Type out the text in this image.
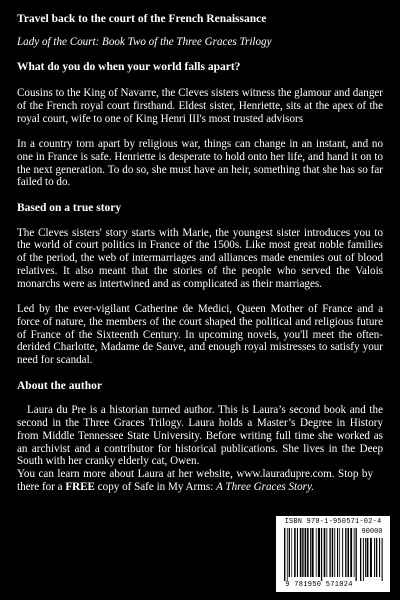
Travel back to the court of the French Renaissance

Lady of the Court: Book Two of the Three Graces Trilogy

What do you do when your world falls apart?

Cousins to the King of Navarre, the Cleves sisters witness the glamour and danger of the French royal court firsthand. Eldest sister, Henriette, sits at the apex of the royal court, wife to one of King Henri III's most trusted advisors

In a country torn apart by religious war, things can change in an instant, and no one in France is safe. Henriette is desperate to hold onto her life, and hand it on to the next generation. To do so, she must have an heir, something that she has so far failed to do.

Based on a true story

The Cleves sisters' story starts with Marie, the youngest sister introduces you to the world of court politics in France of the 1500s. Like most great noble families of the period, the web of intermarriages and alliances made enemies out of blood relatives. It also meant that the stories of the people who served the Valois monarchs were as intertwined and as complicated as their marriages.

Led by the ever-vigilant Catherine de Medici, Queen Mother of France and a force of nature, the members of the court shaped the political and religious future of France of the Sixteenth Century. In upcoming novels, you'll meet the often- derided Charlotte, Madame de Sauve, and enough royal mistresses to satisfy your need for scandal.

About the author

Laura du Pre is a historian turned author. This is Laura’s second book and the second in the Three Graces Trilogy. Laura holds a Master’s Degree in History from Middle Tennessee State University. Before writing full time she worked as an archivist and a contributor for historical publications. She lives in the Deep South with her cranky elderly cat, Owen.

You can learn more about Laura at her website, www.lauradupre.com. Stop by there for a FREE copy of Safe in My Arms: A Three Graces Story.

ISBN 978-1-950571-02-4
90000
9 781950 571024
